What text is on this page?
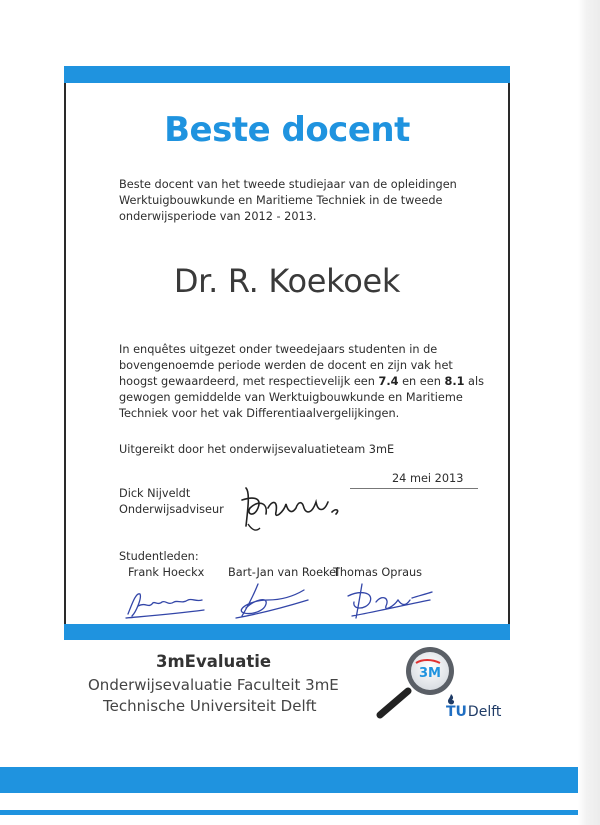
Beste docent
Beste docent van het tweede studiejaar van de opleidingen Werktuigbouwkunde en Maritieme Techniek in de tweede onderwijsperiode van 2012 - 2013.
Dr. R. Koekoek
In enquêtes uitgezet onder tweedejaars studenten in de bovengenoemde periode werden de docent en zijn vak het hoogst gewaardeerd, met respectievelijk een 7.4 en een 8.1 als gewogen gemiddelde van Werktuigbouwkunde en Maritieme Techniek voor het vak Differentiaalvergelijkingen.
Uitgereikt door het onderwijsevaluatieteam 3mE
24 mei 2013
Dick Nijveldt
Onderwijsadviseur
Studentleden:
Frank Hoeckx Bart-Jan van Roekel
Thomas Opraus
3mEvaluatie
Onderwijsevaluatie Faculteit 3mE
Technische Universiteit Delft
3M
TUDelft
